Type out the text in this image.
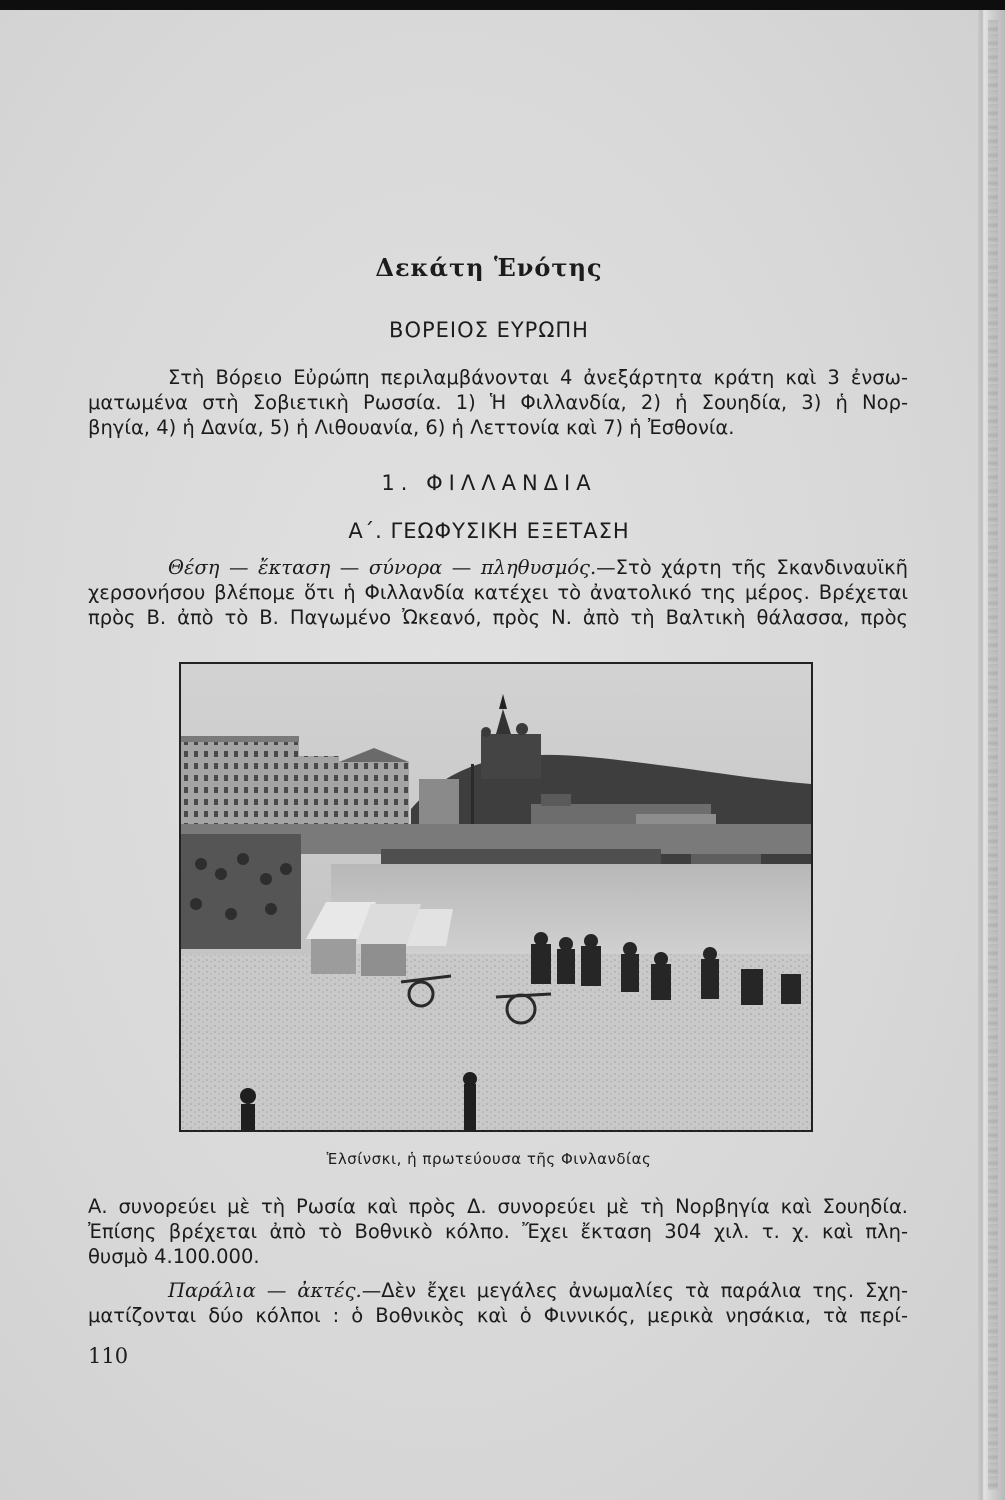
Δεκάτη Ἑνότης
ΒΟΡΕΙΟΣ ΕΥΡΩΠΗ

Στὴ Βόρειο Εὐρώπη περιλαμβάνονται 4 ἀνεξάρτητα κράτη καὶ 3 ἐνσω-
ματωμένα στὴ Σοβιετικὴ Ρωσσία. 1) Ἡ Φιλλανδία, 2) ἡ Σουηδία, 3) ἡ Νορ-
βηγία, 4) ἡ Δανία, 5) ἡ Λιθουανία, 6) ἡ Λεττονία καὶ 7) ἡ Ἐσθονία.

1. ΦΙΛΛΑΝΔΙΑ
Α΄. ΓΕΩΦΥΣΙΚΗ ΕΞΕΤΑΣΗ

Θέση — ἔκταση — σύνορα — πληθυσμός.—Στὸ χάρτη τῆς Σκανδιναυϊκῆ
χερσονήσου βλέπομε ὅτι ἡ Φιλλανδία κατέχει τὸ ἀνατολικό της μέρος. Βρέχεται
πρὸς Β. ἀπὸ τὸ Β. Παγωμένο Ὠκεανό, πρὸς Ν. ἀπὸ τὴ Βαλτικὴ θάλασσα, πρὸς

Ἑλσίνσκι, ἡ πρωτεύουσα τῆς Φινλανδίας

Α. συνορεύει μὲ τὴ Ρωσία καὶ πρὸς Δ. συνορεύει μὲ τὴ Νορβηγία καὶ Σουηδία.
Ἐπίσης βρέχεται ἀπὸ τὸ Βοθνικὸ κόλπο. Ἔχει ἔκταση 304 χιλ. τ. χ. καὶ πλη-
θυσμὸ 4.100.000.

Παράλια — ἀκτές.—Δὲν ἔχει μεγάλες ἀνωμαλίες τὰ παράλια της. Σχη-
ματίζονται δύο κόλποι : ὁ Βοθνικὸς καὶ ὁ Φιννικός, μερικὰ νησάκια, τὰ περί-

110
